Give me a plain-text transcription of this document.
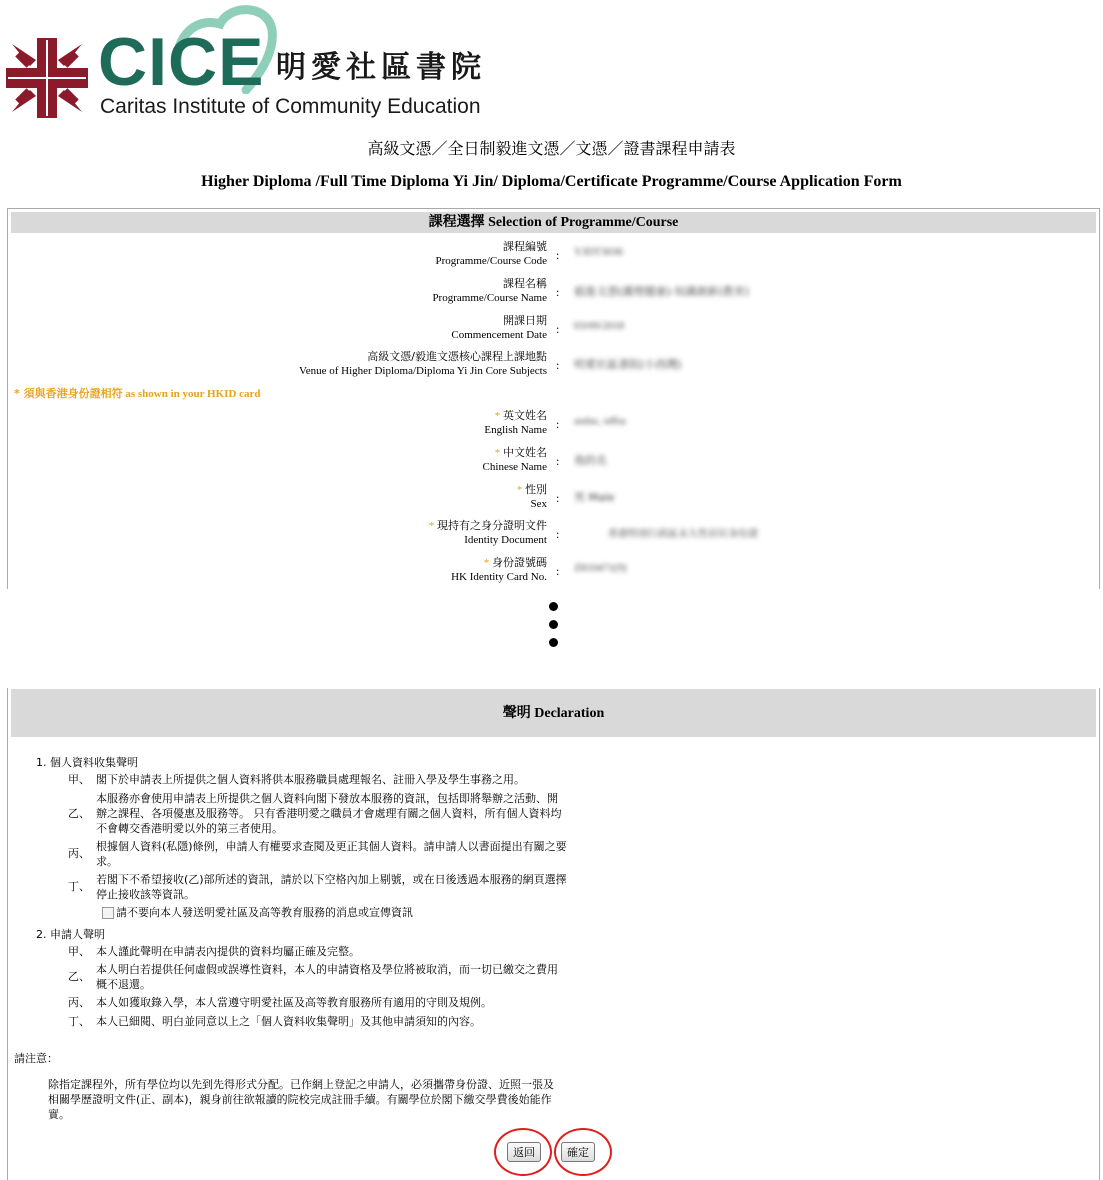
CICE 明愛社區書院
Caritas Institute of Community Education
高級文憑／全日制毅進文憑／文憑／證書課程申請表
Higher Diploma /Full Time Diploma Yi Jin/ Diploma/Certificate Programme/Course Application Form
課程選擇 Selection of Programme/Course
課程編號
Programme/Course Code : YJDT3036
課程名稱
Programme/Course Name : 毅進文憑(護理健康)-知識創新(教育)
開課日期
Commencement Date : 03/09/2018
高級文憑/毅進文憑核心課程上課地點
Venue of Higher Diploma/Diploma Yi Jin Core Subjects : 明愛社區書院(小西灣)
* 須與香港身份證相符 as shown in your HKID card
* 英文姓名
English Name : asdas, sdfsa
* 中文姓名
Chinese Name : 我的名
* 性別
Sex : 男 Male
* 現持有之身分證明文件
Identity Document :	香港特別行政區永久性居民身份證
* 身份證號碼
HK Identity Card No. : Z810471(9)
聲明 Declaration
1. 個人資料收集聲明
甲、 閣下於申請表上所提供之個人資料將供本服務職員處理報名、註冊入學及學生事務之用。
乙、
本服務亦會使用申請表上所提供之個人資料向閣下發放本服務的資訊，包括即將舉辦之活動、開辦之課程、各項優惠及服務等。 只有香港明愛之職員才會處理有關之個人資料，所有個人資料均不會轉交香港明愛以外的第三者使用。
丙、
根據個人資料(私隱)條例，申請人有權要求查閱及更正其個人資料。請申請人以書面提出有關之要求。
丁、
若閣下不希望接收(乙)部所述的資訊，請於以下空格內加上剔號，或在日後透過本服務的網頁選擇停止接收該等資訊。
請不要向本人發送明愛社區及高等教育服務的消息或宣傳資訊
2. 申請人聲明
甲、 本人謹此聲明在申請表內提供的資料均屬正確及完整。
乙、
本人明白若提供任何虛假或誤導性資料，本人的申請資格及學位將被取消，而一切已繳交之費用概不退還。
丙、 本人如獲取錄入學，本人當遵守明愛社區及高等教育服務所有適用的守則及規例。
丁、 本人已細閱、明白並同意以上之「個人資料收集聲明」及其他申請須知的內容。
請注意：
除指定課程外，所有學位均以先到先得形式分配。已作網上登記之申請人，必須攜帶身份證、近照一張及相關學歷證明文件(正、副本)，親身前往欲報讀的院校完成註冊手續。有關學位於閣下繳交學費後始能作實。
返回	確定
